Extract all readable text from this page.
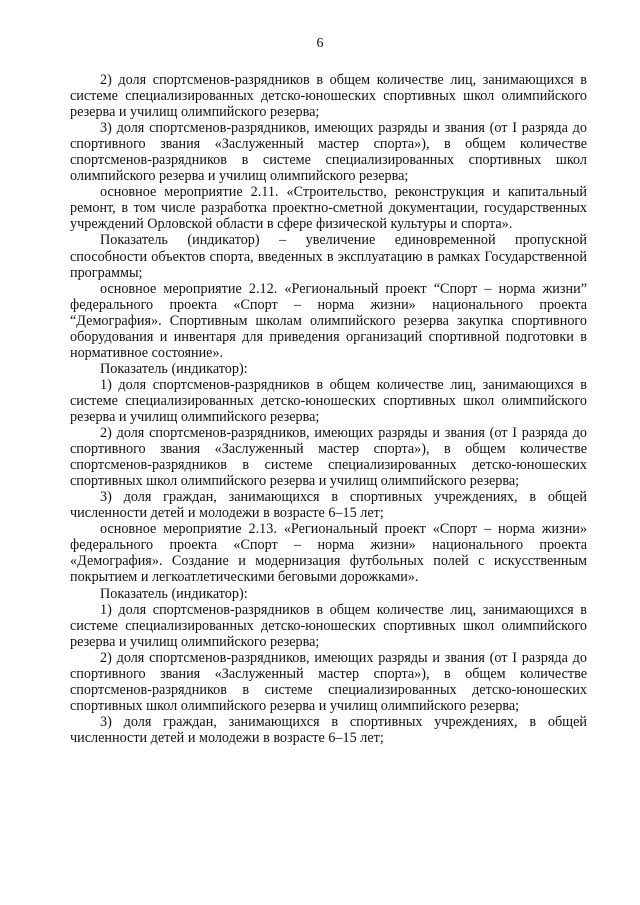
6

2) доля спортсменов-разрядников в общем количестве лиц, занимающихся в системе специализированных детско-юношеских спортивных школ олимпийского резерва и училищ олимпийского резерва;

3) доля спортсменов-разрядников, имеющих разряды и звания (от I разряда до спортивного звания «Заслуженный мастер спорта»), в общем количестве спортсменов-разрядников в системе специализированных спортивных школ олимпийского резерва и училищ олимпийского резерва;

основное мероприятие 2.11. «Строительство, реконструкция и капитальный ремонт, в том числе разработка проектно-сметной документации, государственных учреждений Орловской области в сфере физической культуры и спорта».

Показатель (индикатор) – увеличение единовременной пропускной способности объектов спорта, введенных в эксплуатацию в рамках Государственной программы;

основное мероприятие 2.12. «Региональный проект “Спорт – норма жизни” федерального проекта «Спорт – норма жизни» национального проекта “Демография». Спортивным школам олимпийского резерва закупка спортивного оборудования и инвентаря для приведения организаций спортивной подготовки в нормативное состояние».

Показатель (индикатор):

1) доля спортсменов-разрядников в общем количестве лиц, занимающихся в системе специализированных детско-юношеских спортивных школ олимпийского резерва и училищ олимпийского резерва;

2) доля спортсменов-разрядников, имеющих разряды и звания (от I разряда до спортивного звания «Заслуженный мастер спорта»), в общем количестве спортсменов-разрядников в системе специализированных детско-юношеских спортивных школ олимпийского резерва и училищ олимпийского резерва;

3) доля граждан, занимающихся в спортивных учреждениях, в общей численности детей и молодежи в возрасте 6–15 лет;

основное мероприятие 2.13. «Региональный проект «Спорт – норма жизни» федерального проекта «Спорт – норма жизни» национального проекта «Демография». Создание и модернизация футбольных полей с искусственным покрытием и легкоатлетическими беговыми дорожками».

Показатель (индикатор):

1) доля спортсменов-разрядников в общем количестве лиц, занимающихся в системе специализированных детско-юношеских спортивных школ олимпийского резерва и училищ олимпийского резерва;

2) доля спортсменов-разрядников, имеющих разряды и звания (от I разряда до спортивного звания «Заслуженный мастер спорта»), в общем количестве спортсменов-разрядников в системе специализированных детско-юношеских спортивных школ олимпийского резерва и училищ олимпийского резерва;

3) доля граждан, занимающихся в спортивных учреждениях, в общей численности детей и молодежи в возрасте 6–15 лет;
